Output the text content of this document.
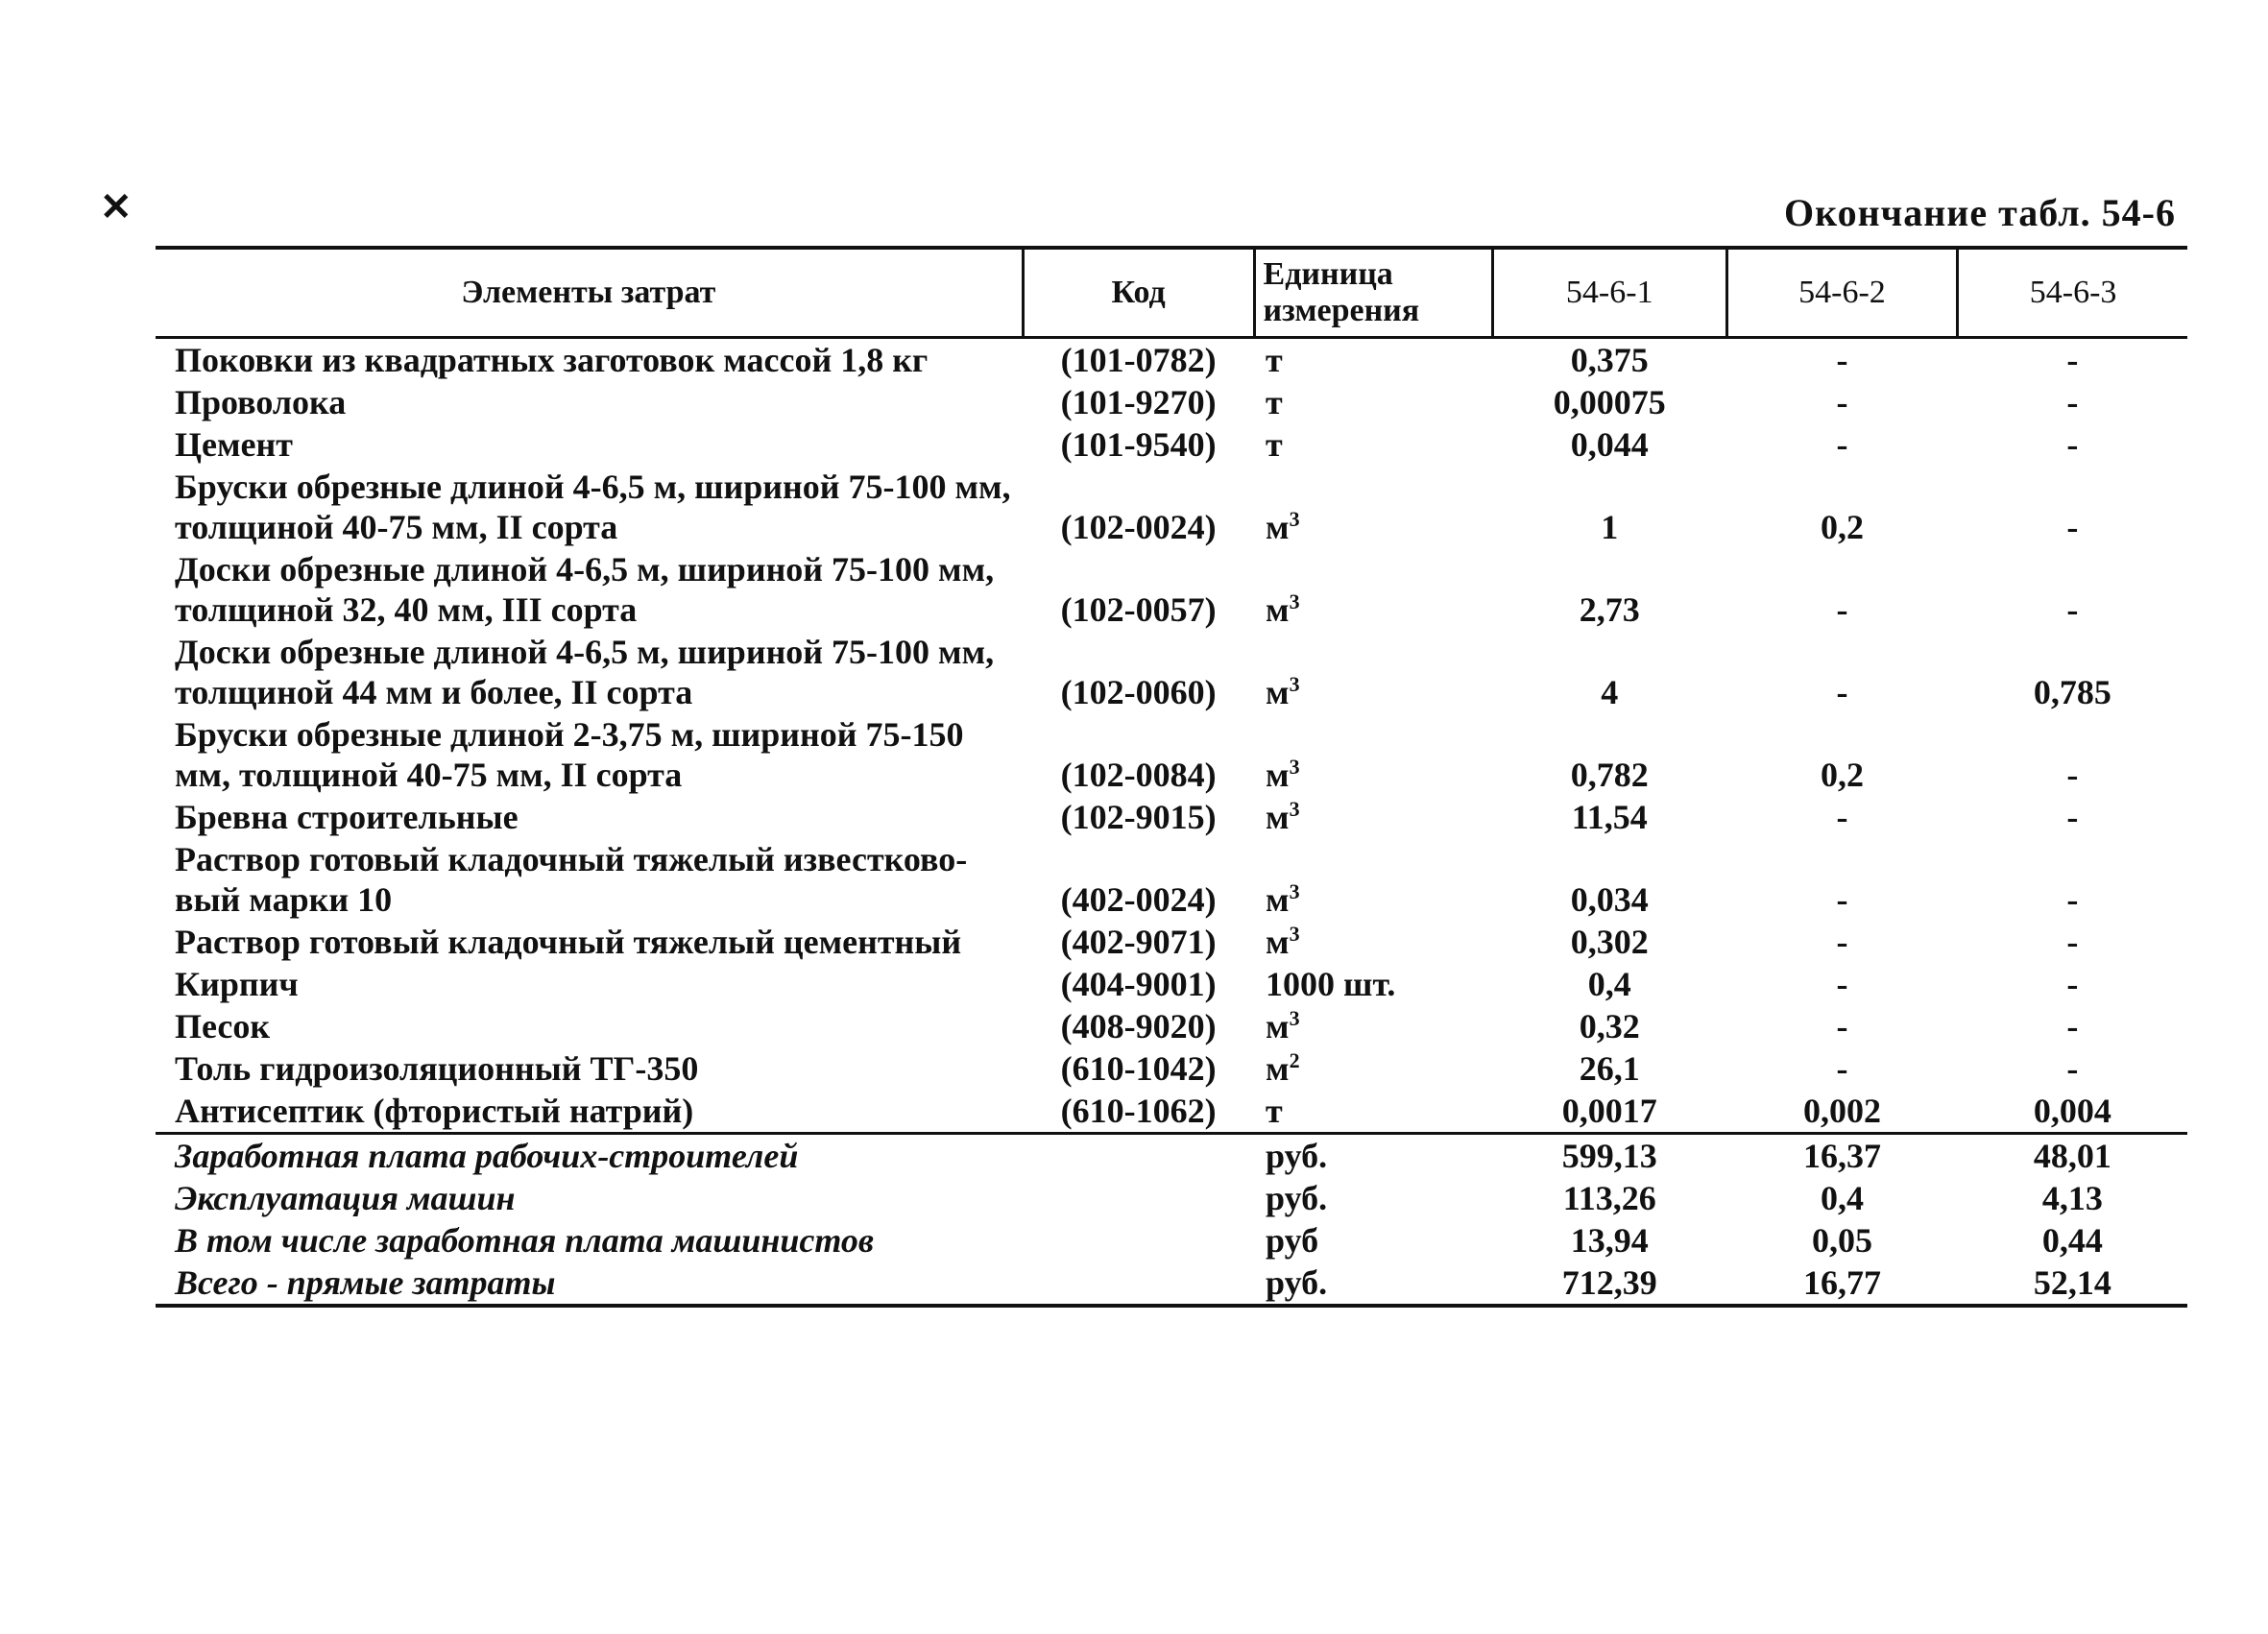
✕	Окончание табл. 54-6
Элементы затрат	Код	Единица измерения	54-6-1	54-6-2	54-6-3
Поковки из квадратных заготовок массой 1,8 кг	(101-0782)	т	0,375	-	-
Проволока	(101-9270)	т	0,00075	-	-
Цемент	(101-9540)	т	0,044	-	-
Бруски обрезные длиной 4-6,5 м, шириной 75-100 мм, толщиной 40-75 мм, II сорта	(102-0024)	$м^3$	1	0,2	-
Доски обрезные длиной 4-6,5 м, шириной 75-100 мм, толщиной 32, 40 мм, III сорта	(102-0057)	$м^3$	2,73	-	-
Доски обрезные длиной 4-6,5 м, шириной 75-100 мм, толщиной 44 мм и более, II сорта	(102-0060)	$м^3$	4	-	0,785
Бруски обрезные длиной 2-3,75 м, шириной 75-150 мм, толщиной 40-75 мм, II сорта	(102-0084)	$м^3$	0,782	0,2	-
Бревна строительные	(102-9015)	$м^3$	11,54	-	-
Раствор готовый кладочный тяжелый известково-вый марки 10	(402-0024)	$м^3$	0,034	-	-
Раствор готовый кладочный тяжелый цементный	(402-9071)	$м^3$	0,302	-	-
Кирпич	(404-9001)	1000 шт.	0,4	-	-
Песок	(408-9020)	$м^3$	0,32	-	-
Толь гидроизоляционный ТГ-350	(610-1042)	$м^2$	26,1	-	-
Антисептик (фтористый натрий)	(610-1062)	т	0,0017	0,002	0,004
Заработная плата рабочих-строителей		руб.	599,13	16,37	48,01
Эксплуатация машин		руб.	113,26	0,4	4,13
В том числе заработная плата машинистов		руб	13,94	0,05	0,44
Всего - прямые затраты		руб.	712,39	16,77	52,14
